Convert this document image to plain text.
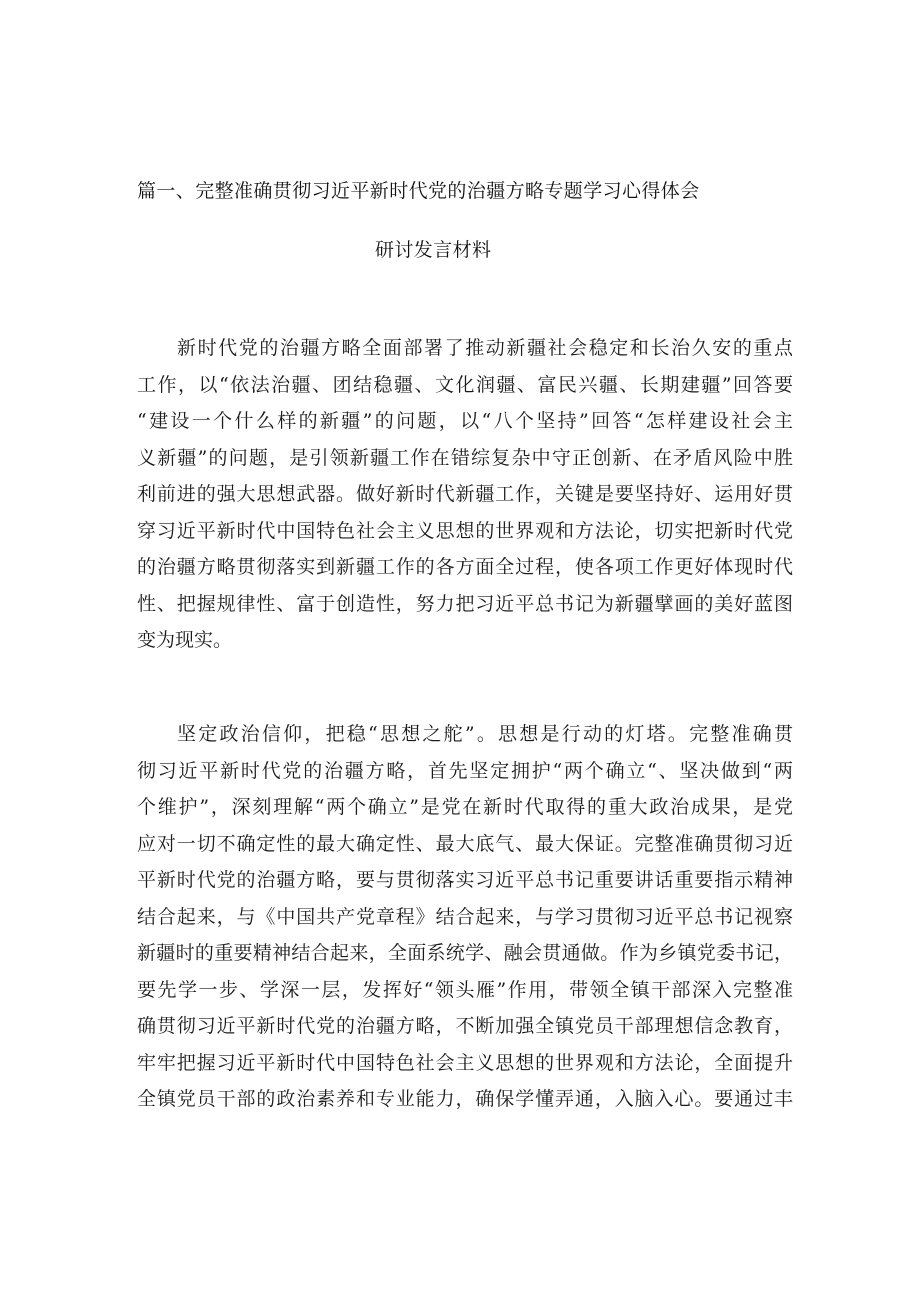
篇一、完整准确贯彻习近平新时代党的治疆方略专题学习心得体会
研讨发言材料
新时代党的治疆方略全面部署了推动新疆社会稳定和长治久安的重点
工作，以“依法治疆、团结稳疆、文化润疆、富民兴疆、长期建疆”回答要
“建设一个什么样的新疆”的问题，以“八个坚持”回答“怎样建设社会主
义新疆”的问题，是引领新疆工作在错综复杂中守正创新、在矛盾风险中胜
利前进的强大思想武器。做好新时代新疆工作，关键是要坚持好、运用好贯
穿习近平新时代中国特色社会主义思想的世界观和方法论，切实把新时代党
的治疆方略贯彻落实到新疆工作的各方面全过程，使各项工作更好体现时代
性、把握规律性、富于创造性，努力把习近平总书记为新疆擘画的美好蓝图
变为现实。
坚定政治信仰，把稳“思想之舵”。思想是行动的灯塔。完整准确贯
彻习近平新时代党的治疆方略，首先坚定拥护“两个确立“、坚决做到“两
个维护”，深刻理解“两个确立”是党在新时代取得的重大政治成果，是党
应对一切不确定性的最大确定性、最大底气、最大保证。完整准确贯彻习近
平新时代党的治疆方略，要与贯彻落实习近平总书记重要讲话重要指示精神
结合起来，与《中国共产党章程》结合起来，与学习贯彻习近平总书记视察
新疆时的重要精神结合起来，全面系统学、融会贯通做。作为乡镇党委书记，
要先学一步、学深一层，发挥好“领头雁”作用，带领全镇干部深入完整准
确贯彻习近平新时代党的治疆方略，不断加强全镇党员干部理想信念教育，
牢牢把握习近平新时代中国特色社会主义思想的世界观和方法论，全面提升
全镇党员干部的政治素养和专业能力，确保学懂弄通，入脑入心。要通过丰
